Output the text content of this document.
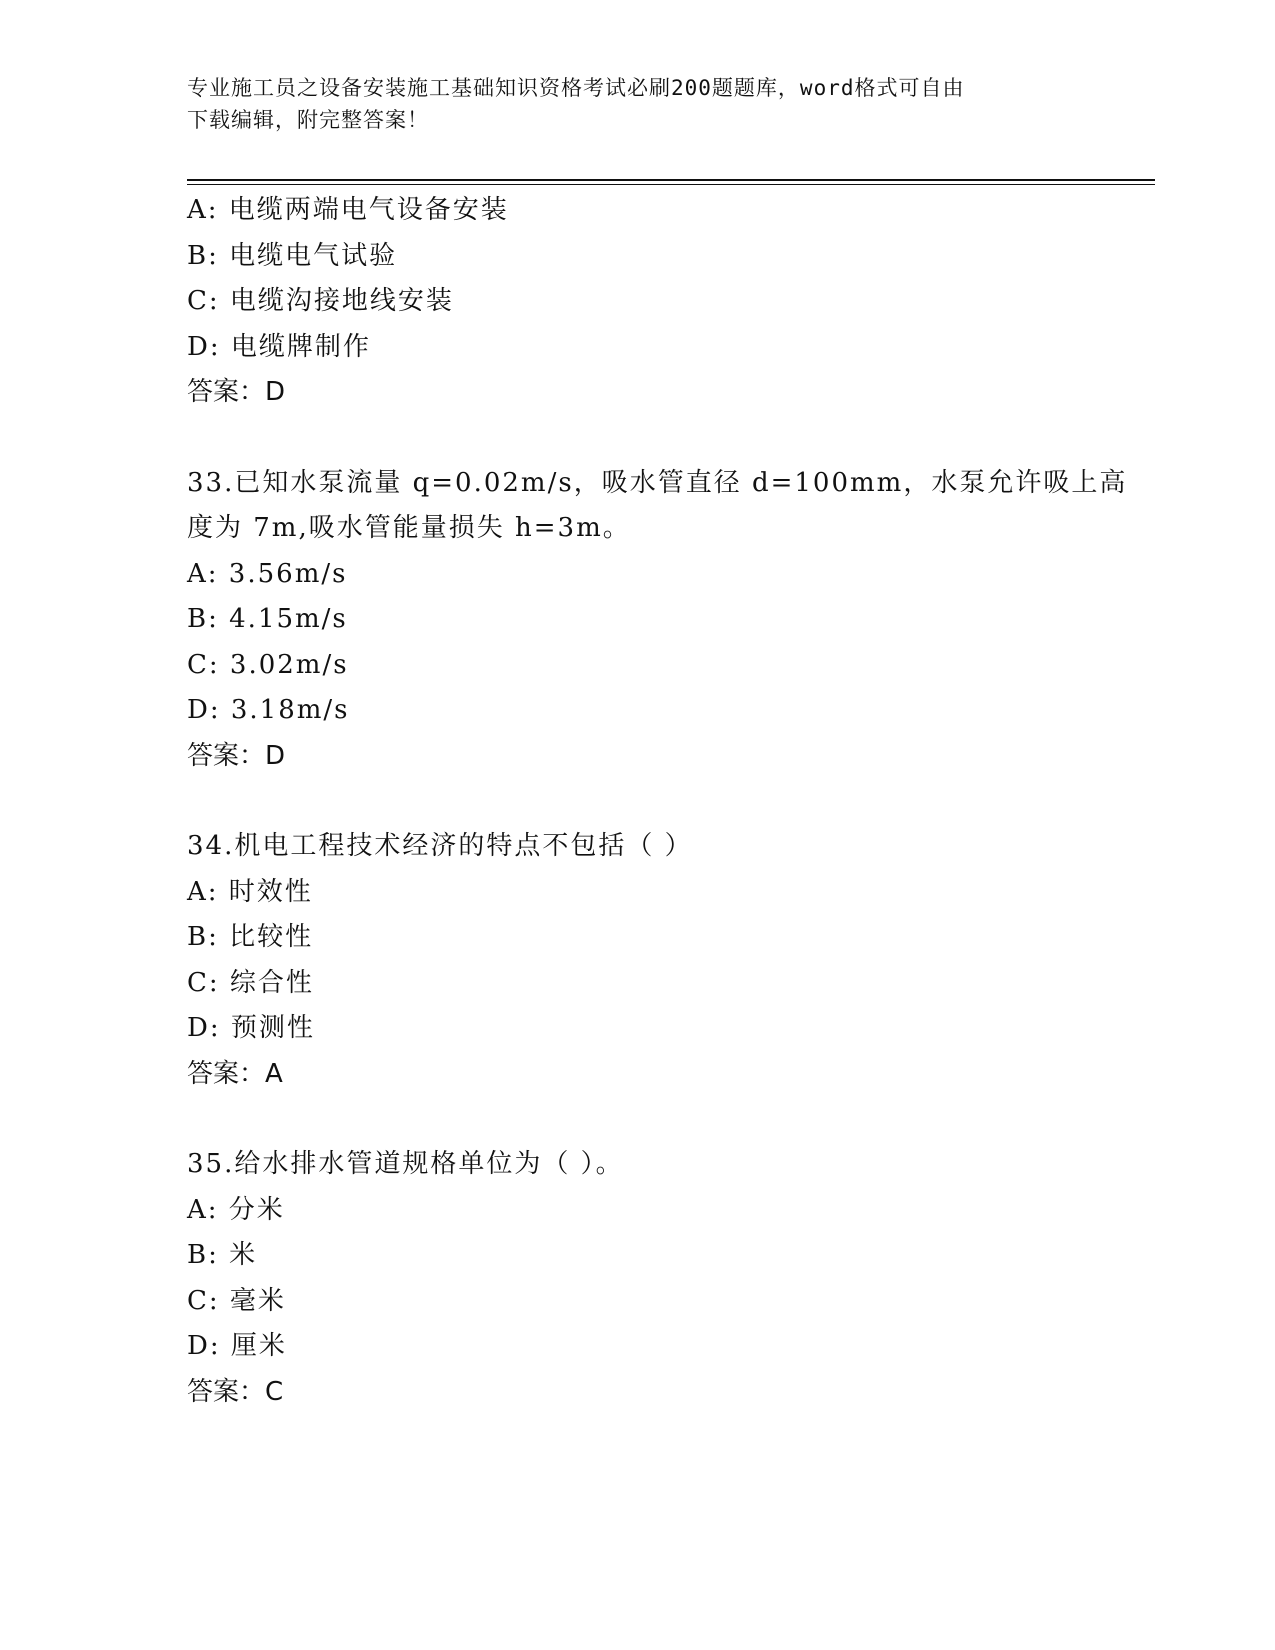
专业施工员之设备安装施工基础知识资格考试必刷200题题库，word格式可自由
下载编辑，附完整答案！
A: 电缆两端电气设备安装
B: 电缆电气试验
C: 电缆沟接地线安装
D: 电缆牌制作
答案：D
33.已知水泵流量 q=0.02m/s，吸水管直径 d=100mm，水泵允许吸上高
度为 7m,吸水管能量损失 h=3m。
A: 3.56m/s
B: 4.15m/s
C: 3.02m/s
D: 3.18m/s
答案：D
34.机电工程技术经济的特点不包括（ ）
A: 时效性
B: 比较性
C: 综合性
D: 预测性
答案：A
35.给水排水管道规格单位为（ ）。
A: 分米
B: 米
C: 毫米
D: 厘米
答案：C
